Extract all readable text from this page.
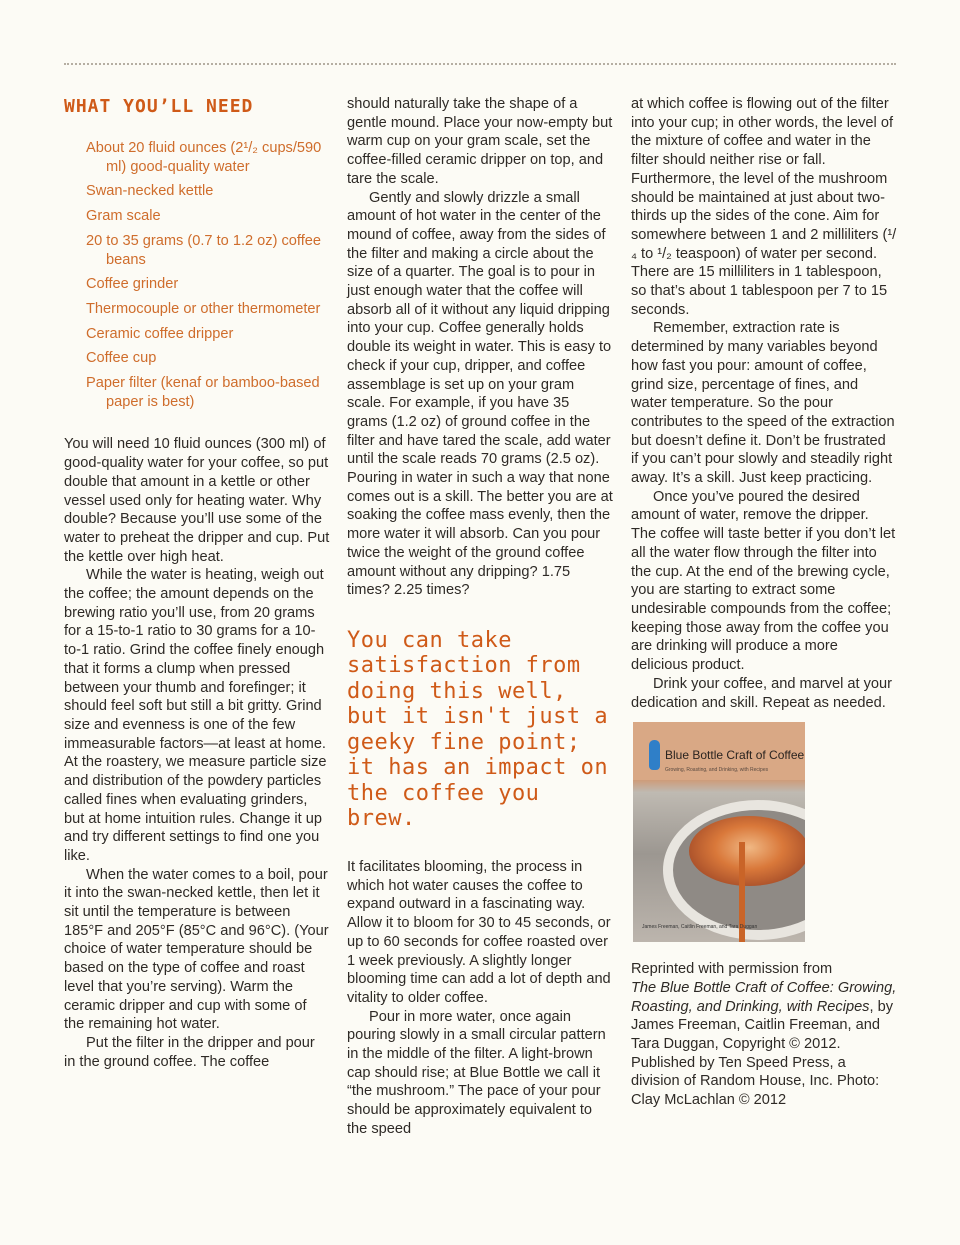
WHAT YOU’LL NEED
About 20 fluid ounces (2¹/₂ cups/590 ml) good-quality water
Swan-necked kettle
Gram scale
20 to 35 grams (0.7 to 1.2 oz) coffee beans
Coffee grinder
Thermocouple or other thermometer
Ceramic coffee dripper
Coffee cup
Paper filter (kenaf or bamboo-based paper is best)

You will need 10 fluid ounces (300 ml) of good-quality water for your coffee, so put double that amount in a kettle or other vessel used only for heating water. Why double? Because you’ll use some of the water to preheat the dripper and cup. Put the kettle over high heat.

While the water is heating, weigh out the coffee; the amount depends on the brewing ratio you’ll use, from 20 grams for a 15-to-1 ratio to 30 grams for a 10-to-1 ratio. Grind the coffee finely enough that it forms a clump when pressed between your thumb and forefinger; it should feel soft but still a bit gritty. Grind size and evenness is one of the few immeasurable factors—at least at home. At the roastery, we measure particle size and distribution of the powdery particles called fines when evaluating grinders, but at home intuition rules. Change it up and try different settings to find one you like.

When the water comes to a boil, pour it into the swan-necked kettle, then let it sit until the temperature is between 185°F and 205°F (85°C and 96°C). (Your choice of water temperature should be based on the type of coffee and roast level that you’re serving). Warm the ceramic dripper and cup with some of the remaining hot water.

Put the filter in the dripper and pour in the ground coffee. The coffee

should naturally take the shape of a gentle mound. Place your now-empty but warm cup on your gram scale, set the coffee-filled ceramic dripper on top, and tare the scale.

Gently and slowly drizzle a small amount of hot water in the center of the mound of coffee, away from the sides of the filter and making a circle about the size of a quarter. The goal is to pour in just enough water that the coffee will absorb all of it without any liquid dripping into your cup. Coffee generally holds double its weight in water. This is easy to check if your cup, dripper, and coffee assemblage is set up on your gram scale. For example, if you have 35 grams (1.2 oz) of ground coffee in the filter and have tared the scale, add water until the scale reads 70 grams (2.5 oz). Pouring in water in such a way that none comes out is a skill. The better you are at soaking the coffee mass evenly, then the more water it will absorb. Can you pour twice the weight of the ground coffee amount without any dripping? 1.75 times? 2.25 times?

You can take satisfaction from doing this well, but it isn't just a geeky fine point; it has an impact on the coffee you brew.

It facilitates blooming, the process in which hot water causes the coffee to expand outward in a fascinating way. Allow it to bloom for 30 to 45 seconds, or up to 60 seconds for coffee roasted over 1 week previously. A slightly longer blooming time can add a lot of depth and vitality to older coffee.

Pour in more water, once again pouring slowly in a small circular pattern in the middle of the filter. A light-brown cap should rise; at Blue Bottle we call it “the mushroom.” The pace of your pour should be approximately equivalent to the speed

at which coffee is flowing out of the filter into your cup; in other words, the level of the mixture of coffee and water in the filter should neither rise or fall. Furthermore, the level of the mushroom should be maintained at just about two-thirds up the sides of the cone. Aim for somewhere between 1 and 2 milliliters (¹/₄ to ¹/₂ teaspoon) of water per second. There are 15 milliliters in 1 tablespoon, so that’s about 1 tablespoon per 7 to 15 seconds.

Remember, extraction rate is determined by many variables beyond how fast you pour: amount of coffee, grind size, percentage of fines, and water temperature. So the pour contributes to the speed of the extraction but doesn’t define it. Don’t be frustrated if you can’t pour slowly and steadily right away. It’s a skill. Just keep practicing.

Once you’ve poured the desired amount of water, remove the dripper. The coffee will taste better if you don’t let all the water flow through the filter into the cup. At the end of the brewing cycle, you are starting to extract some undesirable compounds from the coffee; keeping those away from the coffee you are drinking will produce a more delicious product.

Drink your coffee, and marvel at your dedication and skill. Repeat as needed.

Blue Bottle Craft of Coffee
Growing, Roasting, and Drinking, with Recipes
James Freeman, Caitlin Freeman, and Tara Duggan

Reprinted with permission from
The Blue Bottle Craft of Coffee: Growing, Roasting, and Drinking, with Recipes, by James Freeman, Caitlin Freeman, and Tara Duggan, Copyright © 2012. Published by Ten Speed Press, a division of Random House, Inc. Photo: Clay McLachlan © 2012
